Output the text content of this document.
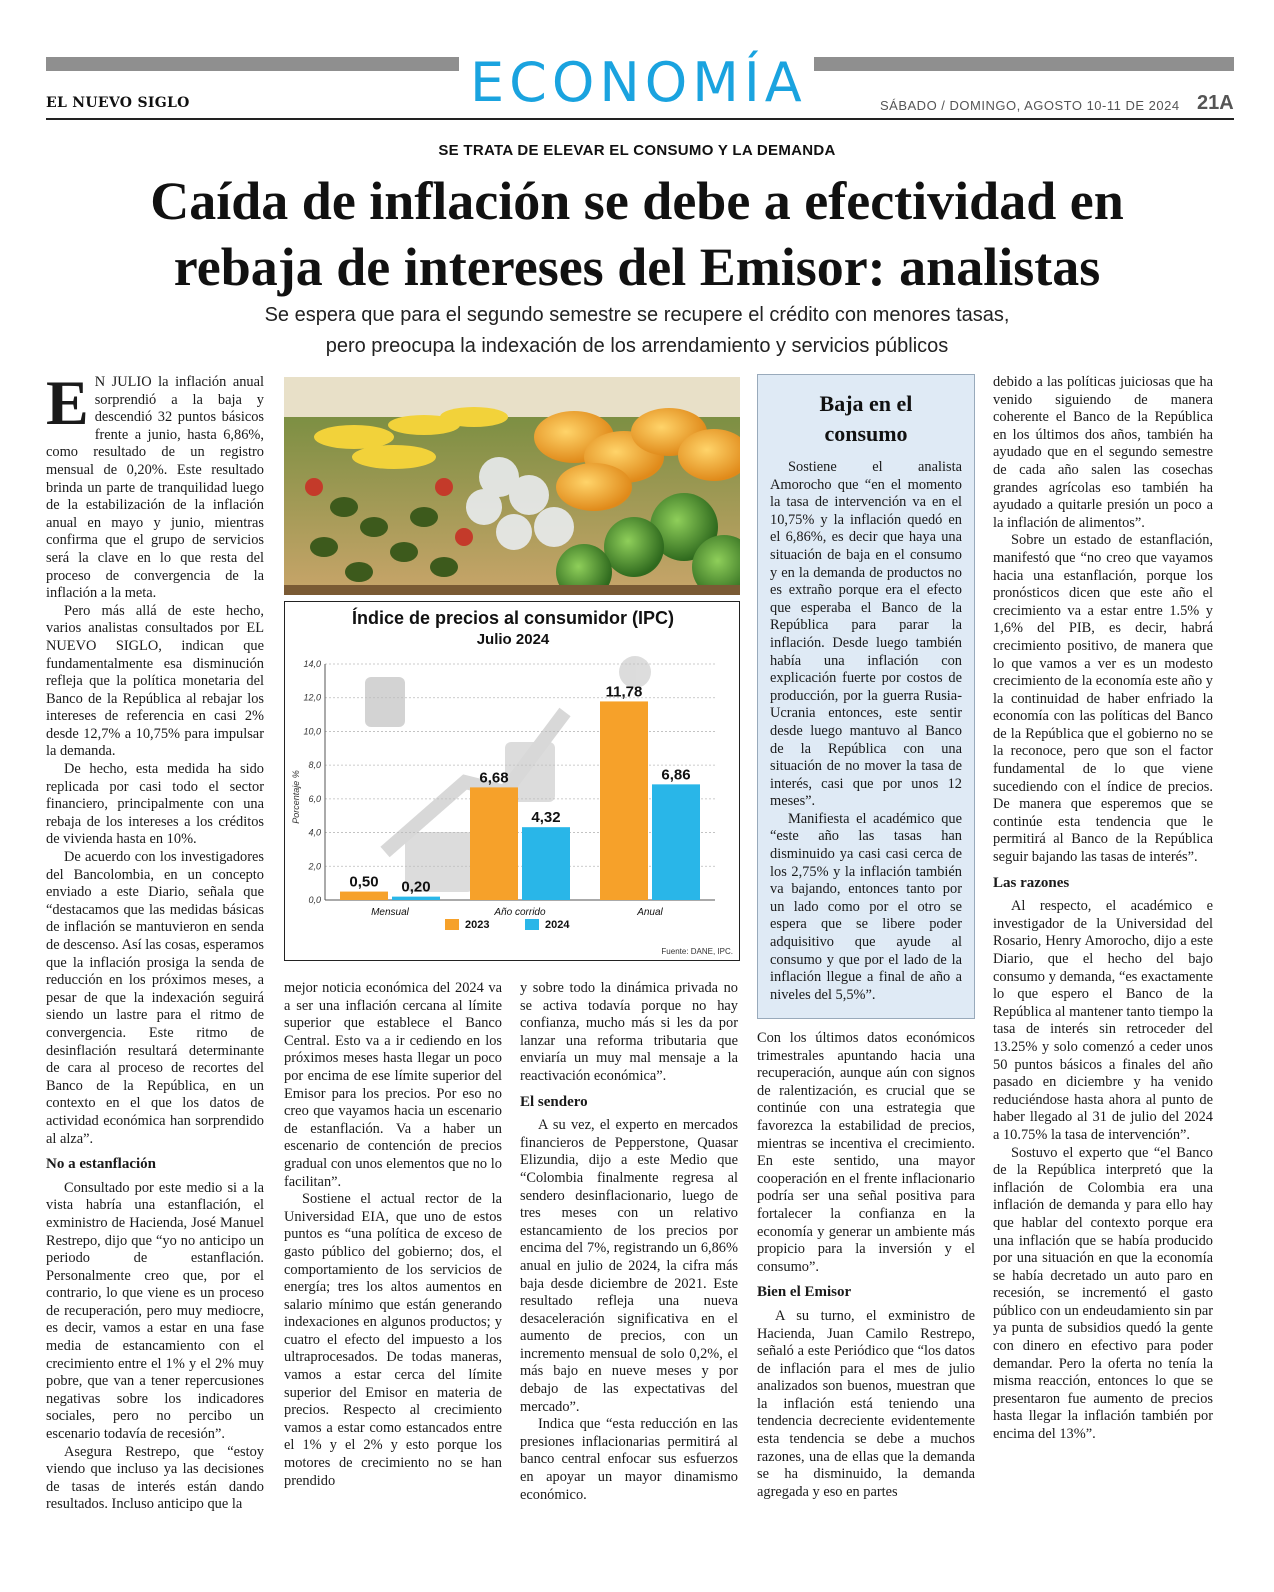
ECONOMÍA
EL NUEVO SIGLO	SÁBADO / DOMINGO, AGOSTO 10-11 DE 2024 21A
SE TRATA DE ELEVAR EL CONSUMO Y LA DEMANDA
Caída de inflación se debe a efectividad en
rebaja de intereses del Emisor: analistas
Se espera que para el segundo semestre se recupere el crédito con menores tasas,
pero preocupa la indexación de los arrendamiento y servicios públicos

E N JULIO la inflación anual sorprendió a la baja y descendió 32 puntos básicos frente a junio, hasta 6,86%, como resultado de un registro mensual de 0,20%. Este resultado brinda un parte de tranquilidad luego de la estabilización de la inflación anual en mayo y junio, mientras confirma que el grupo de servicios será la clave en lo que resta del proceso de convergencia de la inflación a la meta.

Pero más allá de este hecho, varios analistas consultados por EL NUEVO SIGLO, indican que fundamentalmente esa disminución refleja que la política monetaria del Banco de la República al rebajar los intereses de referencia en casi 2% desde 12,7% a 10,75% para impulsar la demanda.

De hecho, esta medida ha sido replicada por casi todo el sector financiero, principalmente con una rebaja de los intereses a los créditos de vivienda hasta en 10%.

De acuerdo con los investigadores del Bancolombia, en un concepto enviado a este Diario, señala que “destacamos que las medidas básicas de inflación se mantuvieron en senda de descenso. Así las cosas, esperamos que la inflación prosiga la senda de reducción en los próximos meses, a pesar de que la indexación seguirá siendo un lastre para el ritmo de convergencia. Este ritmo de desinflación resultará determinante de cara al proceso de recortes del Banco de la República, en un contexto en el que los datos de actividad económica han sorprendido al alza”.

No a estanflación

Consultado por este medio si a la vista habría una estanflación, el exministro de Hacienda, José Manuel Restrepo, dijo que “yo no anticipo un periodo de estanflación. Personalmente creo que, por el contrario, lo que viene es un proceso de recuperación, pero muy mediocre, es decir, vamos a estar en una fase media de estancamiento con el crecimiento entre el 1% y el 2% muy pobre, que van a tener repercusiones negativas sobre los indicadores sociales, pero no percibo un escenario todavía de recesión”.

Asegura Restrepo, que “estoy viendo que incluso ya las decisiones de tasas de interés están dando resultados. Incluso anticipo que la

Índice de precios al consumidor (IPC)
Julio 2024
Porcentaje %
0,0
2,0
4,0
6,0
8,0
10,0
12,0
14,0
0,50 0,20
6,68
4,32
11,78
6,86
Mensual	Año corrido	Anual
2023	2024
Fuente: DANE, IPC.

mejor noticia económica del 2024 va a ser una inflación cercana al límite superior que establece el Banco Central. Esto va a ir cediendo en los próximos meses hasta llegar un poco por encima de ese límite superior del Emisor para los precios. Por eso no creo que vayamos hacia un escenario de estanflación. Va a haber un escenario de contención de precios gradual con unos elementos que no lo facilitan”.

Sostiene el actual rector de la Universidad EIA, que uno de estos puntos es “una política de exceso de gasto público del gobierno; dos, el comportamiento de los servicios de energía; tres los altos aumentos en salario mínimo que están generando indexaciones en algunos productos; y cuatro el efecto del impuesto a los ultraprocesados. De todas maneras, vamos a estar cerca del límite superior del Emisor en materia de precios. Respecto al crecimiento vamos a estar como estancados entre el 1% y el 2% y esto porque los motores de crecimiento no se han prendido

y sobre todo la dinámica privada no se activa todavía porque no hay confianza, mucho más si les da por lanzar una reforma tributaria que enviaría un muy mal mensaje a la reactivación económica”.

El sendero

A su vez, el experto en mercados financieros de Pepperstone, Quasar Elizundia, dijo a este Medio que “Colombia finalmente regresa al sendero desinflacionario, luego de tres meses con un relativo estancamiento de los precios por encima del 7%, registrando un 6,86% anual en julio de 2024, la cifra más baja desde diciembre de 2021. Este resultado refleja una nueva desaceleración significativa en el aumento de precios, con un incremento mensual de solo 0,2%, el más bajo en nueve meses y por debajo de las expectativas del mercado”.

Indica que “esta reducción en las presiones inflacionarias permitirá al banco central enfocar sus esfuerzos en apoyar un mayor dinamismo económico.

Baja en el
consumo

Sostiene el analista Amorocho que “en el momento la tasa de intervención va en el 10,75% y la inflación quedó en el 6,86%, es decir que haya una situación de baja en el consumo y en la demanda de productos no es extraño porque era el efecto que esperaba el Banco de la República para parar la inflación. Desde luego también había una inflación con explicación fuerte por costos de producción, por la guerra Rusia-Ucrania entonces, este sentir desde luego mantuvo al Banco de la República con una situación de no mover la tasa de interés, casi que por unos 12 meses”.

Manifiesta el académico que “este año las tasas han disminuido ya casi casi cerca de los 2,75% y la inflación también va bajando, entonces tanto por un lado como por el otro se espera que se libere poder adquisitivo que ayude al consumo y que por el lado de la inflación llegue a final de año a niveles del 5,5%”.

Con los últimos datos económicos trimestrales apuntando hacia una recuperación, aunque aún con signos de ralentización, es crucial que se continúe con una estrategia que favorezca la estabilidad de precios, mientras se incentiva el crecimiento. En este sentido, una mayor cooperación en el frente inflacionario podría ser una señal positiva para fortalecer la confianza en la economía y generar un ambiente más propicio para la inversión y el consumo”.

Bien el Emisor

A su turno, el exministro de Hacienda, Juan Camilo Restrepo, señaló a este Periódico que “los datos de inflación para el mes de julio analizados son buenos, muestran que la inflación está teniendo una tendencia decreciente evidentemente esta tendencia se debe a muchos razones, una de ellas que la demanda se ha disminuido, la demanda agregada y eso en partes

debido a las políticas juiciosas que ha venido siguiendo de manera coherente el Banco de la República en los últimos dos años, también ha ayudado que en el segundo semestre de cada año salen las cosechas grandes agrícolas eso también ha ayudado a quitarle presión un poco a la inflación de alimentos”.

Sobre un estado de estanflación, manifestó que “no creo que vayamos hacia una estanflación, porque los pronósticos dicen que este año el crecimiento va a estar entre 1.5% y 1,6% del PIB, es decir, habrá crecimiento positivo, de manera que lo que vamos a ver es un modesto crecimiento de la economía este año y la continuidad de haber enfriado la economía con las políticas del Banco de la República que el gobierno no se la reconoce, pero que son el factor fundamental de lo que viene sucediendo con el índice de precios. De manera que esperemos que se continúe esta tendencia que le permitirá al Banco de la República seguir bajando las tasas de interés”.

Las razones

Al respecto, el académico e investigador de la Universidad del Rosario, Henry Amorocho, dijo a este Diario, que el hecho del bajo consumo y demanda, “es exactamente lo que espero el Banco de la República al mantener tanto tiempo la tasa de interés sin retroceder del 13.25% y solo comenzó a ceder unos 50 puntos básicos a finales del año pasado en diciembre y ha venido reduciéndose hasta ahora al punto de haber llegado al 31 de julio del 2024 a 10.75% la tasa de intervención”.

Sostuvo el experto que “el Banco de la República interpretó que la inflación de Colombia era una inflación de demanda y para ello hay que hablar del contexto porque era una inflación que se había producido por una situación en que la economía se había decretado un auto paro en recesión, se incrementó el gasto público con un endeudamiento sin par ya punta de subsidios quedó la gente con dinero en efectivo para poder demandar. Pero la oferta no tenía la misma reacción, entonces lo que se presentaron fue aumento de precios hasta llegar la inflación también por encima del 13%”.
